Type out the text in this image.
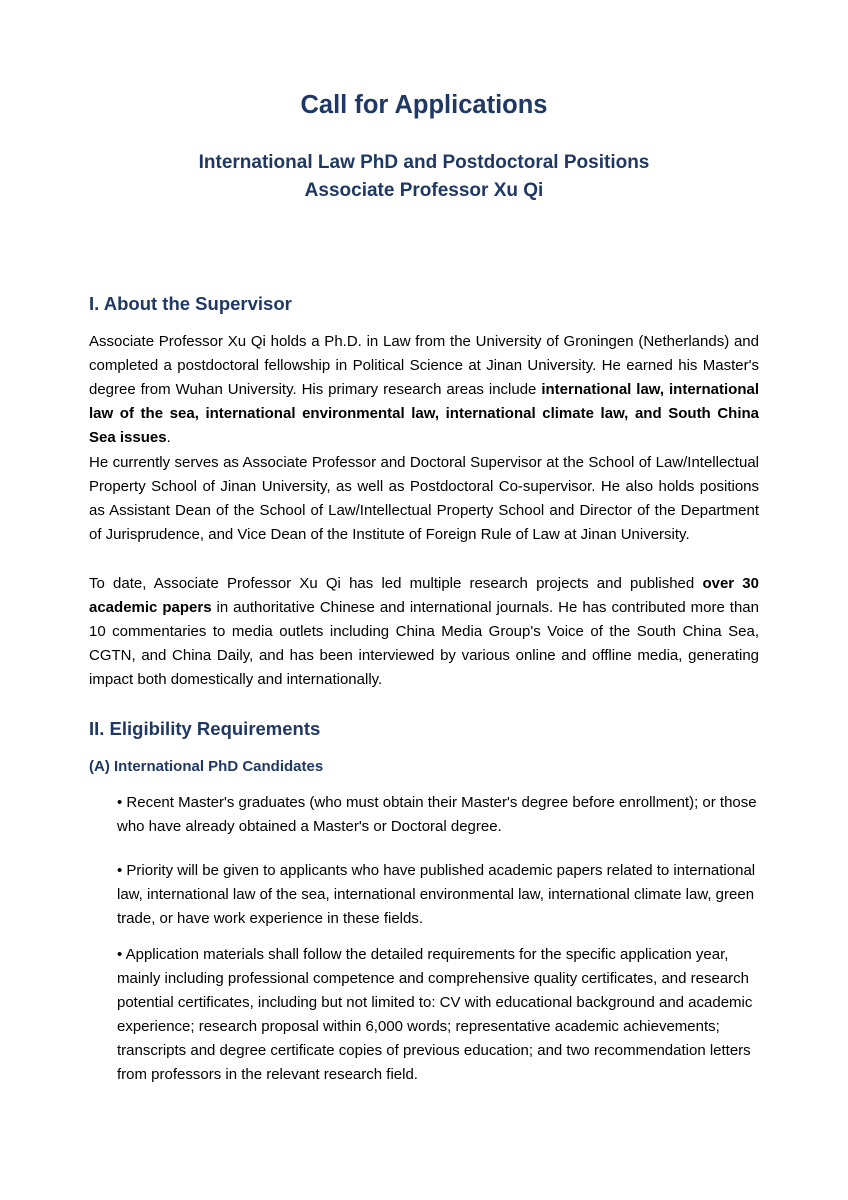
Call for Applications
International Law PhD and Postdoctoral Positions
Associate Professor Xu Qi
I. About the Supervisor

Associate Professor Xu Qi holds a Ph.D. in Law from the University of Groningen (Netherlands) and completed a postdoctoral fellowship in Political Science at Jinan University. He earned his Master's degree from Wuhan University. His primary research areas include international law, international law of the sea, international environmental law, international climate law, and South China Sea issues.

He currently serves as Associate Professor and Doctoral Supervisor at the School of Law/Intellectual Property School of Jinan University, as well as Postdoctoral Co-supervisor. He also holds positions as Assistant Dean of the School of Law/Intellectual Property School and Director of the Department of Jurisprudence, and Vice Dean of the Institute of Foreign Rule of Law at Jinan University.

To date, Associate Professor Xu Qi has led multiple research projects and published over 30 academic papers in authoritative Chinese and international journals. He has contributed more than 10 commentaries to media outlets including China Media Group's Voice of the South China Sea, CGTN, and China Daily, and has been interviewed by various online and offline media, generating impact both domestically and internationally.

II. Eligibility Requirements
(A) International PhD Candidates

• Recent Master's graduates (who must obtain their Master's degree before enrollment); or those who have already obtained a Master's or Doctoral degree.

• Priority will be given to applicants who have published academic papers related to international law, international law of the sea, international environmental law, international climate law, green trade, or have work experience in these fields.

• Application materials shall follow the detailed requirements for the specific application year, mainly including professional competence and comprehensive quality certificates, and research potential certificates, including but not limited to: CV with educational background and academic experience; research proposal within 6,000 words; representative academic achievements; transcripts and degree certificate copies of previous education; and two recommendation letters from professors in the relevant research field.
